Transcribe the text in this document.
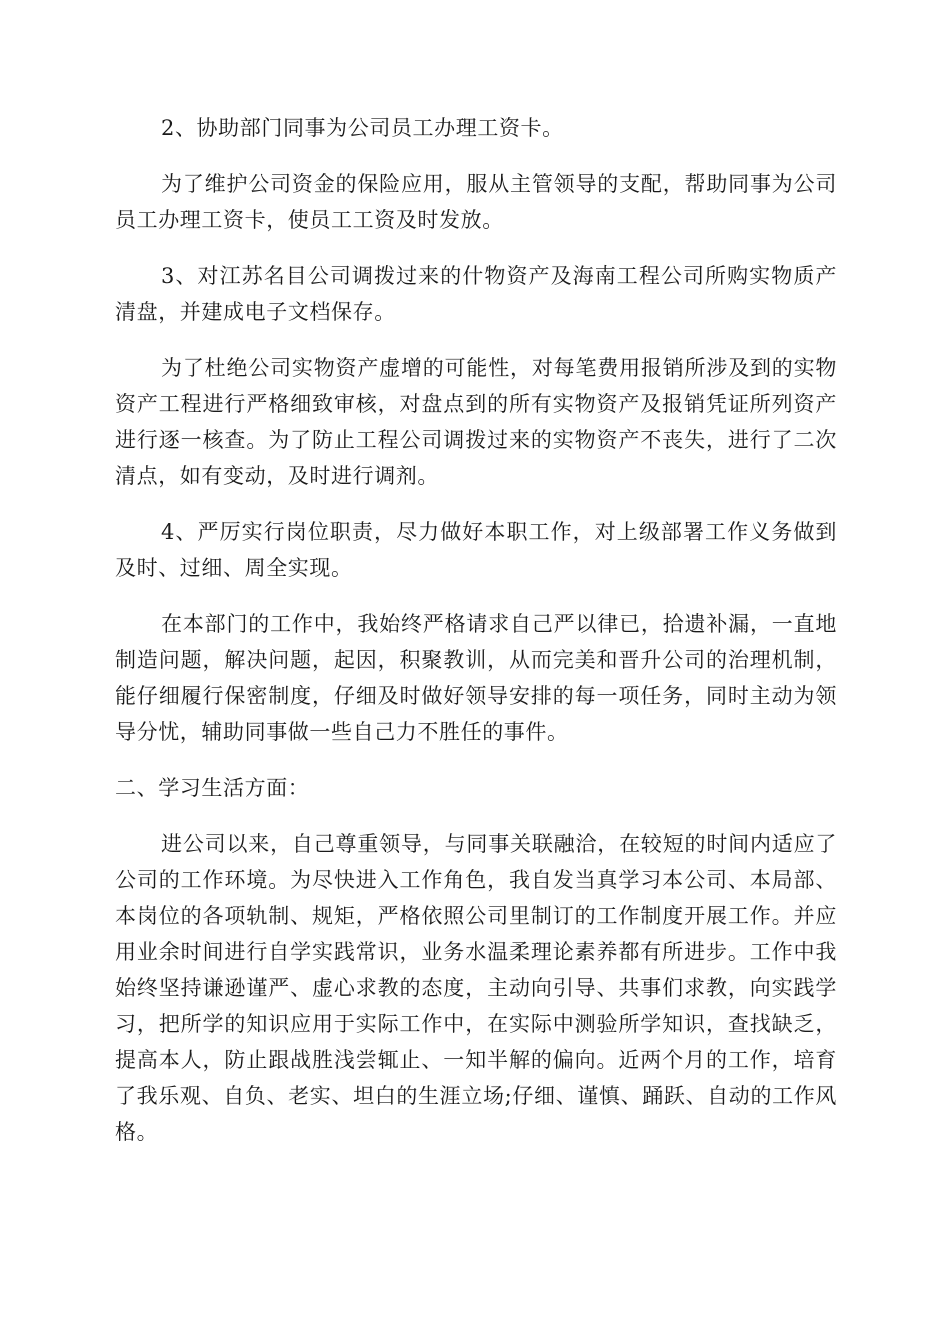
2、协助部门同事为公司员工办理工资卡。

为了维护公司资金的保险应用，服从主管领导的支配，帮助同事为公司员工办理工资卡，使员工工资及时发放。

3、对江苏名目公司调拨过来的什物资产及海南工程公司所购实物质产清盘，并建成电子文档保存。

为了杜绝公司实物资产虚增的可能性，对每笔费用报销所涉及到的实物资产工程进行严格细致审核，对盘点到的所有实物资产及报销凭证所列资产进行逐一核查。为了防止工程公司调拨过来的实物资产不丧失，进行了二次清点，如有变动，及时进行调剂。

4、严厉实行岗位职责，尽力做好本职工作，对上级部署工作义务做到及时、过细、周全实现。

在本部门的工作中，我始终严格请求自己严以律已，拾遗补漏，一直地制造问题，解决问题，起因，积聚教训，从而完美和晋升公司的治理机制，能仔细履行保密制度，仔细及时做好领导安排的每一项任务，同时主动为领导分忧，辅助同事做一些自己力不胜任的事件。

二、学习生活方面：

进公司以来，自己尊重领导，与同事关联融洽，在较短的时间内适应了公司的工作环境。为尽快进入工作角色，我自发当真学习本公司、本局部、本岗位的各项轨制、规矩，严格依照公司里制订的工作制度开展工作。并应用业余时间进行自学实践常识，业务水温柔理论素养都有所进步。工作中我始终坚持谦逊谨严、虚心求教的态度，主动向引导、共事们求教，向实践学习，把所学的知识应用于实际工作中，在实际中测验所学知识，查找缺乏，提高本人，防止跟战胜浅尝辄止、一知半解的偏向。近两个月的工作，培育了我乐观、自负、老实、坦白的生涯立场;仔细、谨慎、踊跃、自动的工作风格。
